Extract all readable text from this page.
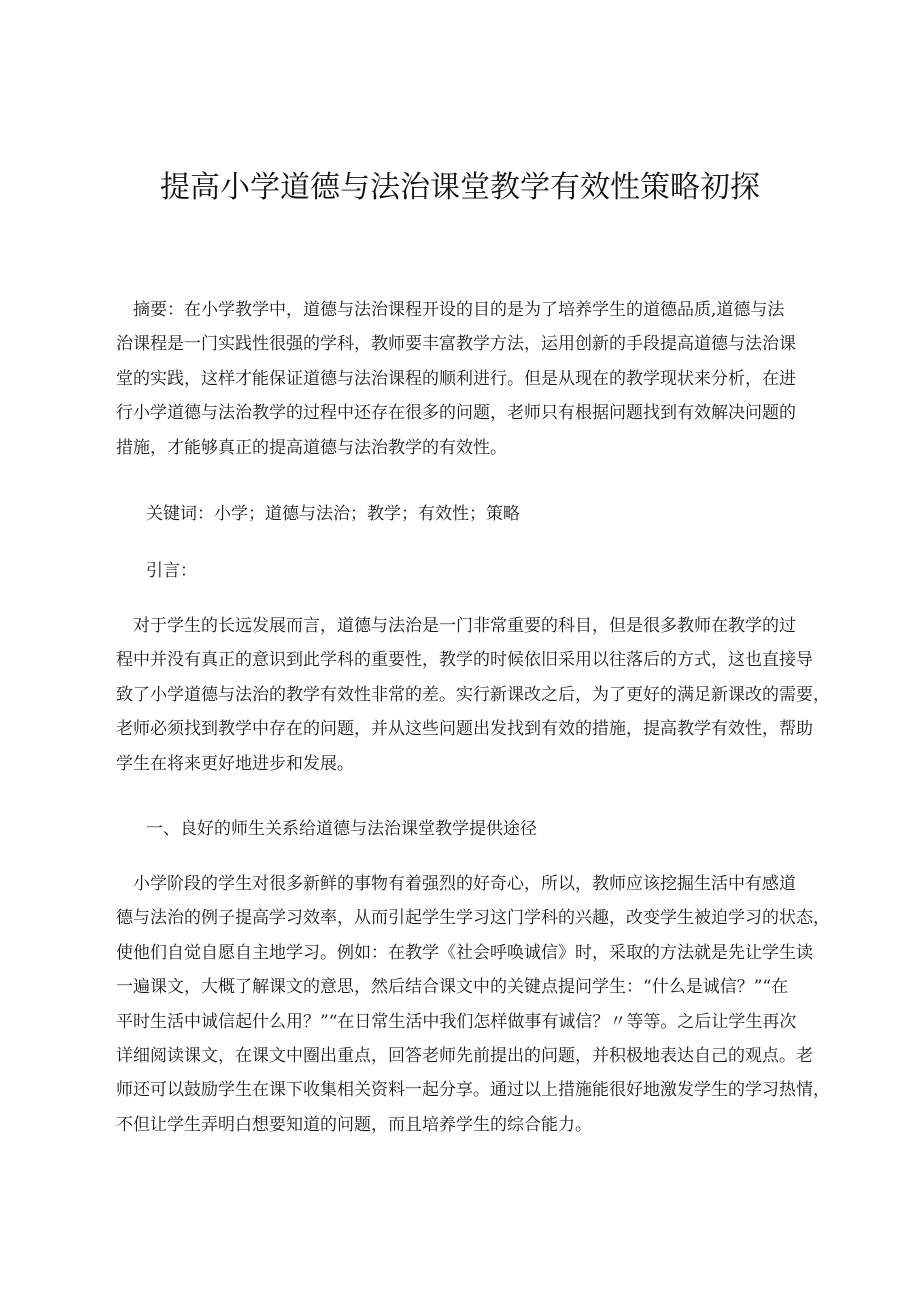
提高小学道德与法治课堂教学有效性策略初探
　摘要：在小学教学中，道德与法治课程开设的目的是为了培养学生的道德品质,道德与法
治课程是一门实践性很强的学科，教师要丰富教学方法，运用创新的手段提高道德与法治课
堂的实践，这样才能保证道德与法治课程的顺利进行。但是从现在的教学现状来分析，在进
行小学道德与法治教学的过程中还存在很多的问题，老师只有根据问题找到有效解决问题的
措施，才能够真正的提高道德与法治教学的有效性。

关键词：小学；道德与法治；教学；有效性；策略

引言：

　对于学生的长远发展而言，道德与法治是一门非常重要的科目，但是很多教师在教学的过
程中并没有真正的意识到此学科的重要性，教学的时候依旧采用以往落后的方式，这也直接导
致了小学道德与法治的教学有效性非常的差。实行新课改之后，为了更好的满足新课改的需要，
老师必须找到教学中存在的问题，并从这些问题出发找到有效的措施，提高教学有效性，帮助
学生在将来更好地进步和发展。

一、良好的师生关系给道德与法治课堂教学提供途径

　小学阶段的学生对很多新鲜的事物有着强烈的好奇心，所以，教师应该挖掘生活中有感道
德与法治的例子提高学习效率，从而引起学生学习这门学科的兴趣，改变学生被迫学习的状态，
使他们自觉自愿自主地学习。例如：在教学《社会呼唤诚信》时，采取的方法就是先让学生读
一遍课文，大概了解课文的意思，然后结合课文中的关键点提问学生：“什么是诚信？”“在
平时生活中诚信起什么用？”“在日常生活中我们怎样做事有诚信？〃等等。之后让学生再次
详细阅读课文，在课文中圈出重点，回答老师先前提出的问题，并积极地表达自己的观点。老
师还可以鼓励学生在课下收集相关资料一起分享。通过以上措施能很好地激发学生的学习热情，
不但让学生弄明白想要知道的问题，而且培养学生的综合能力。
